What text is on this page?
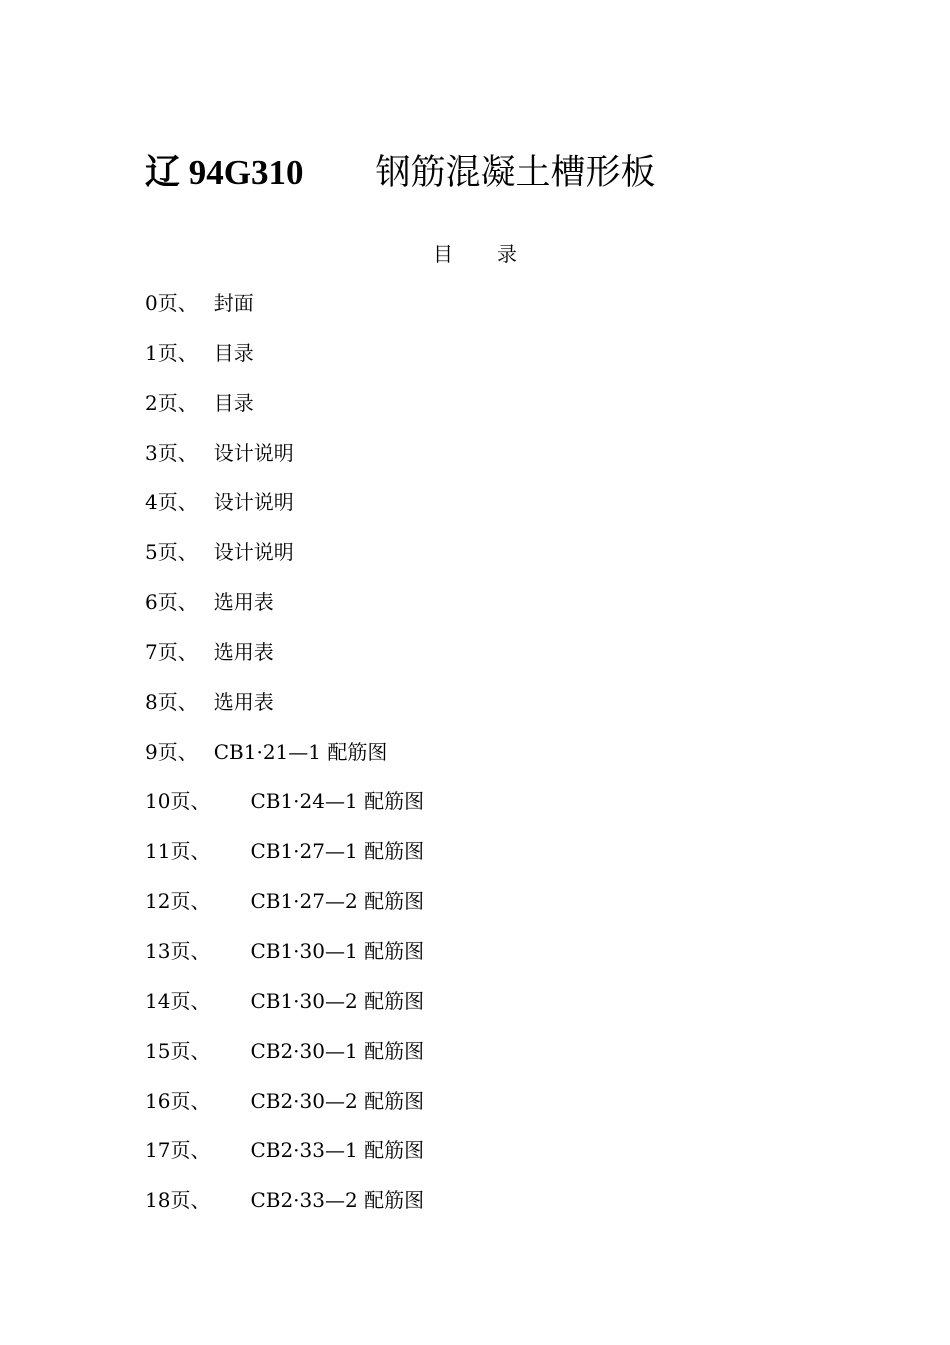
辽 94G310 钢筋混凝土槽形板
目 录
0页、 封面
1页、 目录
2页、 目录
3页、 设计说明
4页、 设计说明
5页、 设计说明
6页、 选用表
7页、 选用表
8页、 选用表
9页、 CB1·21—1 配筋图
10页、 CB1·24—1 配筋图
11页、 CB1·27—1 配筋图
12页、 CB1·27—2 配筋图
13页、 CB1·30—1 配筋图
14页、 CB1·30—2 配筋图
15页、 CB2·30—1 配筋图
16页、 CB2·30—2 配筋图
17页、 CB2·33—1 配筋图
18页、 CB2·33—2 配筋图
